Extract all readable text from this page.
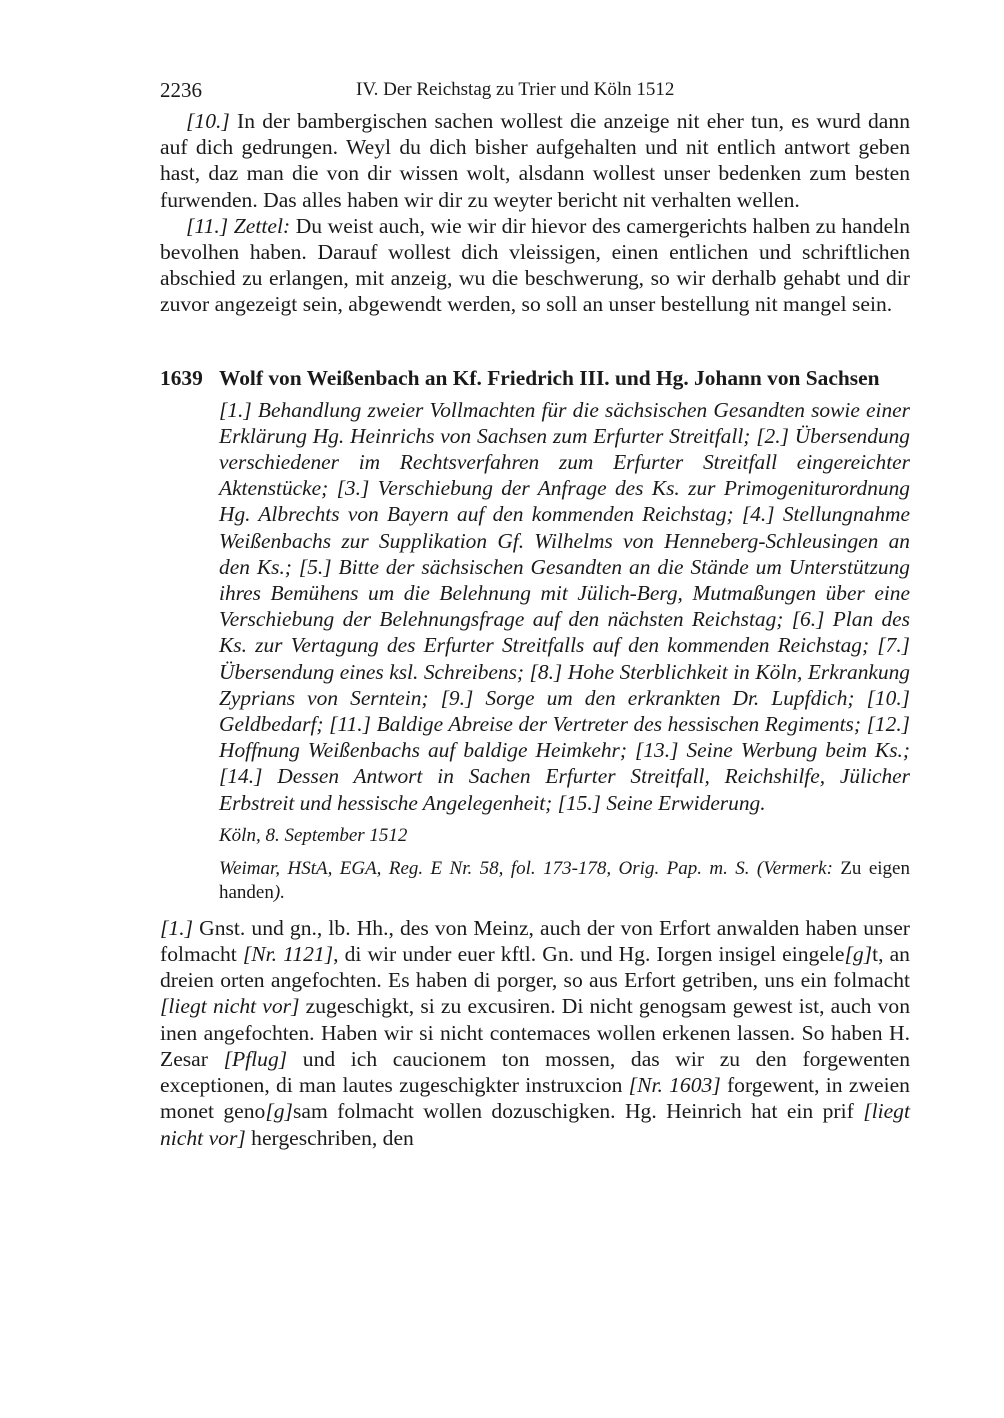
2236	IV. Der Reichstag zu Trier und Köln 1512

[10.] In der bambergischen sachen wollest die anzeige nit eher tun, es wurd dann auf dich gedrungen. Weyl du dich bisher aufgehalten und nit entlich antwort geben hast, daz man die von dir wissen wolt, alsdann wollest unser bedenken zum besten furwenden. Das alles haben wir dir zu weyter bericht nit verhalten wellen.

[11.] Zettel: Du weist auch, wie wir dir hievor des camergerichts halben zu handeln bevolhen haben. Darauf wollest dich vleissigen, einen entlichen und schriftlichen abschied zu erlangen, mit anzeig, wu die beschwerung, so wir derhalb gehabt und dir zuvor angezeigt sein, abgewendt werden, so soll an unser bestellung nit mangel sein.

1639 Wolf von Weißenbach an Kf. Friedrich III. und Hg. Johann von Sachsen
[1.] Behandlung zweier Vollmachten für die sächsischen Gesandten sowie einer Erklärung Hg. Heinrichs von Sachsen zum Erfurter Streitfall; [2.] Übersendung verschiedener im Rechtsverfahren zum Erfurter Streitfall eingereichter Aktenstücke; [3.] Verschiebung der Anfrage des Ks. zur Primogeniturordnung Hg. Albrechts von Bayern auf den kommenden Reichstag; [4.] Stellungnahme Weißenbachs zur Supplikation Gf. Wilhelms von Henneberg-Schleusingen an den Ks.; [5.] Bitte der sächsischen Gesandten an die Stände um Unterstützung ihres Bemühens um die Belehnung mit Jülich-Berg, Mutmaßungen über eine Verschiebung der Belehnungsfrage auf den nächsten Reichstag; [6.] Plan des Ks. zur Vertagung des Erfurter Streitfalls auf den kommenden Reichstag; [7.] Übersendung eines ksl. Schreibens; [8.] Hohe Sterblichkeit in Köln, Erkrankung Zyprians von Serntein; [9.] Sorge um den erkrankten Dr. Lupfdich; [10.] Geldbedarf; [11.] Baldige Abreise der Vertreter des hessischen Regiments; [12.] Hoffnung Weißenbachs auf baldige Heimkehr; [13.] Seine Werbung beim Ks.; [14.] Dessen Antwort in Sachen Erfurter Streitfall, Reichshilfe, Jülicher Erbstreit und hessische Angelegenheit; [15.] Seine Erwiderung.
Köln, 8. September 1512
Weimar, HStA, EGA, Reg. E Nr. 58, fol. 173-178, Orig. Pap. m. S. (Vermerk: Zu eigen handen).

[1.] Gnst. und gn., lb. Hh., des von Meinz, auch der von Erfort anwalden haben unser folmacht [Nr. 1121], di wir under euer kftl. Gn. und Hg. Iorgen insigel eingele[g]t, an dreien orten angefochten. Es haben di porger, so aus Erfort getriben, uns ein folmacht [liegt nicht vor] zugeschigkt, si zu excusiren. Di nicht genogsam gewest ist, auch von inen angefochten. Haben wir si nicht contemaces wollen erkenen lassen. So haben H. Zesar [Pflug] und ich caucionem ton mossen, das wir zu den forgewenten exceptionen, di man lautes zugeschigkter instruxcion [Nr. 1603] forgewent, in zweien monet geno[g]sam folmacht wollen dozuschigken. Hg. Heinrich hat ein prif [liegt nicht vor] hergeschriben, den
